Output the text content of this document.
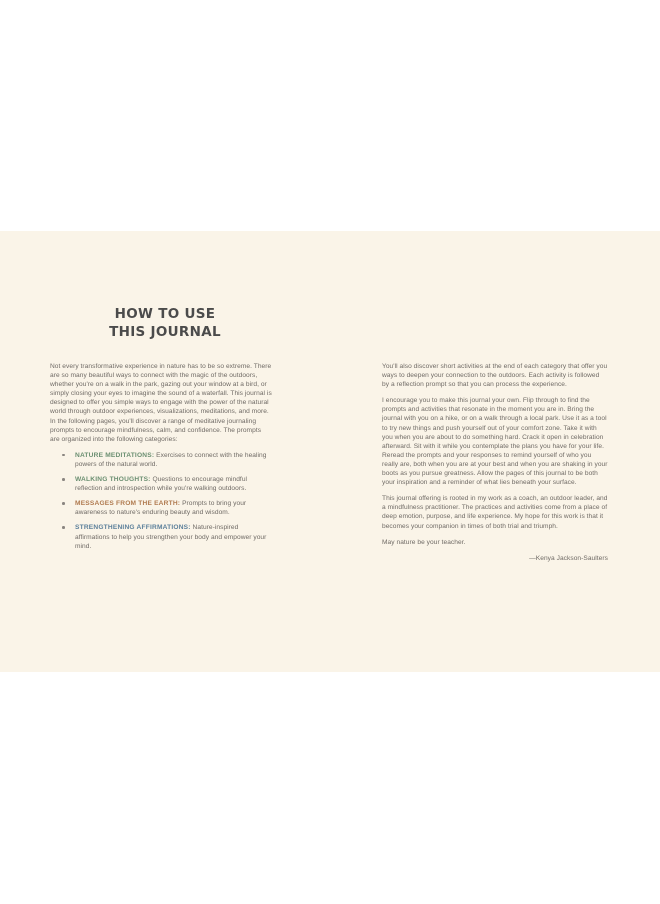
HOW TO USE
THIS JOURNAL

Not every transformative experience in nature has to be so extreme. There are so many beautiful ways to connect with the magic of the outdoors, whether you're on a walk in the park, gazing out your window at a bird, or simply closing your eyes to imagine the sound of a waterfall. This journal is designed to offer you simple ways to engage with the power of the natural world through outdoor experiences, visualizations, meditations, and more. In the following pages, you'll discover a range of meditative journaling prompts to encourage mindfulness, calm, and confidence. The prompts are organized into the following categories:

NATURE MEDITATIONS: Exercises to connect with the healing powers of the natural world.
WALKING THOUGHTS: Questions to encourage mindful reflection and introspection while you're walking outdoors.
MESSAGES FROM THE EARTH: Prompts to bring your awareness to nature's enduring beauty and wisdom.
STRENGTHENING AFFIRMATIONS: Nature-inspired affirmations to help you strengthen your body and empower your mind.

You'll also discover short activities at the end of each category that offer you ways to deepen your connection to the outdoors. Each activity is followed by a reflection prompt so that you can process the experience.

I encourage you to make this journal your own. Flip through to find the prompts and activities that resonate in the moment you are in. Bring the journal with you on a hike, or on a walk through a local park. Use it as a tool to try new things and push yourself out of your comfort zone. Take it with you when you are about to do something hard. Crack it open in celebration afterward. Sit with it while you contemplate the plans you have for your life. Reread the prompts and your responses to remind yourself of who you really are, both when you are at your best and when you are shaking in your boots as you pursue greatness. Allow the pages of this journal to be both your inspiration and a reminder of what lies beneath your surface.

This journal offering is rooted in my work as a coach, an outdoor leader, and a mindfulness practitioner. The practices and activities come from a place of deep emotion, purpose, and life experience. My hope for this work is that it becomes your companion in times of both trial and triumph.

May nature be your teacher.

—Kenya Jackson-Saulters
